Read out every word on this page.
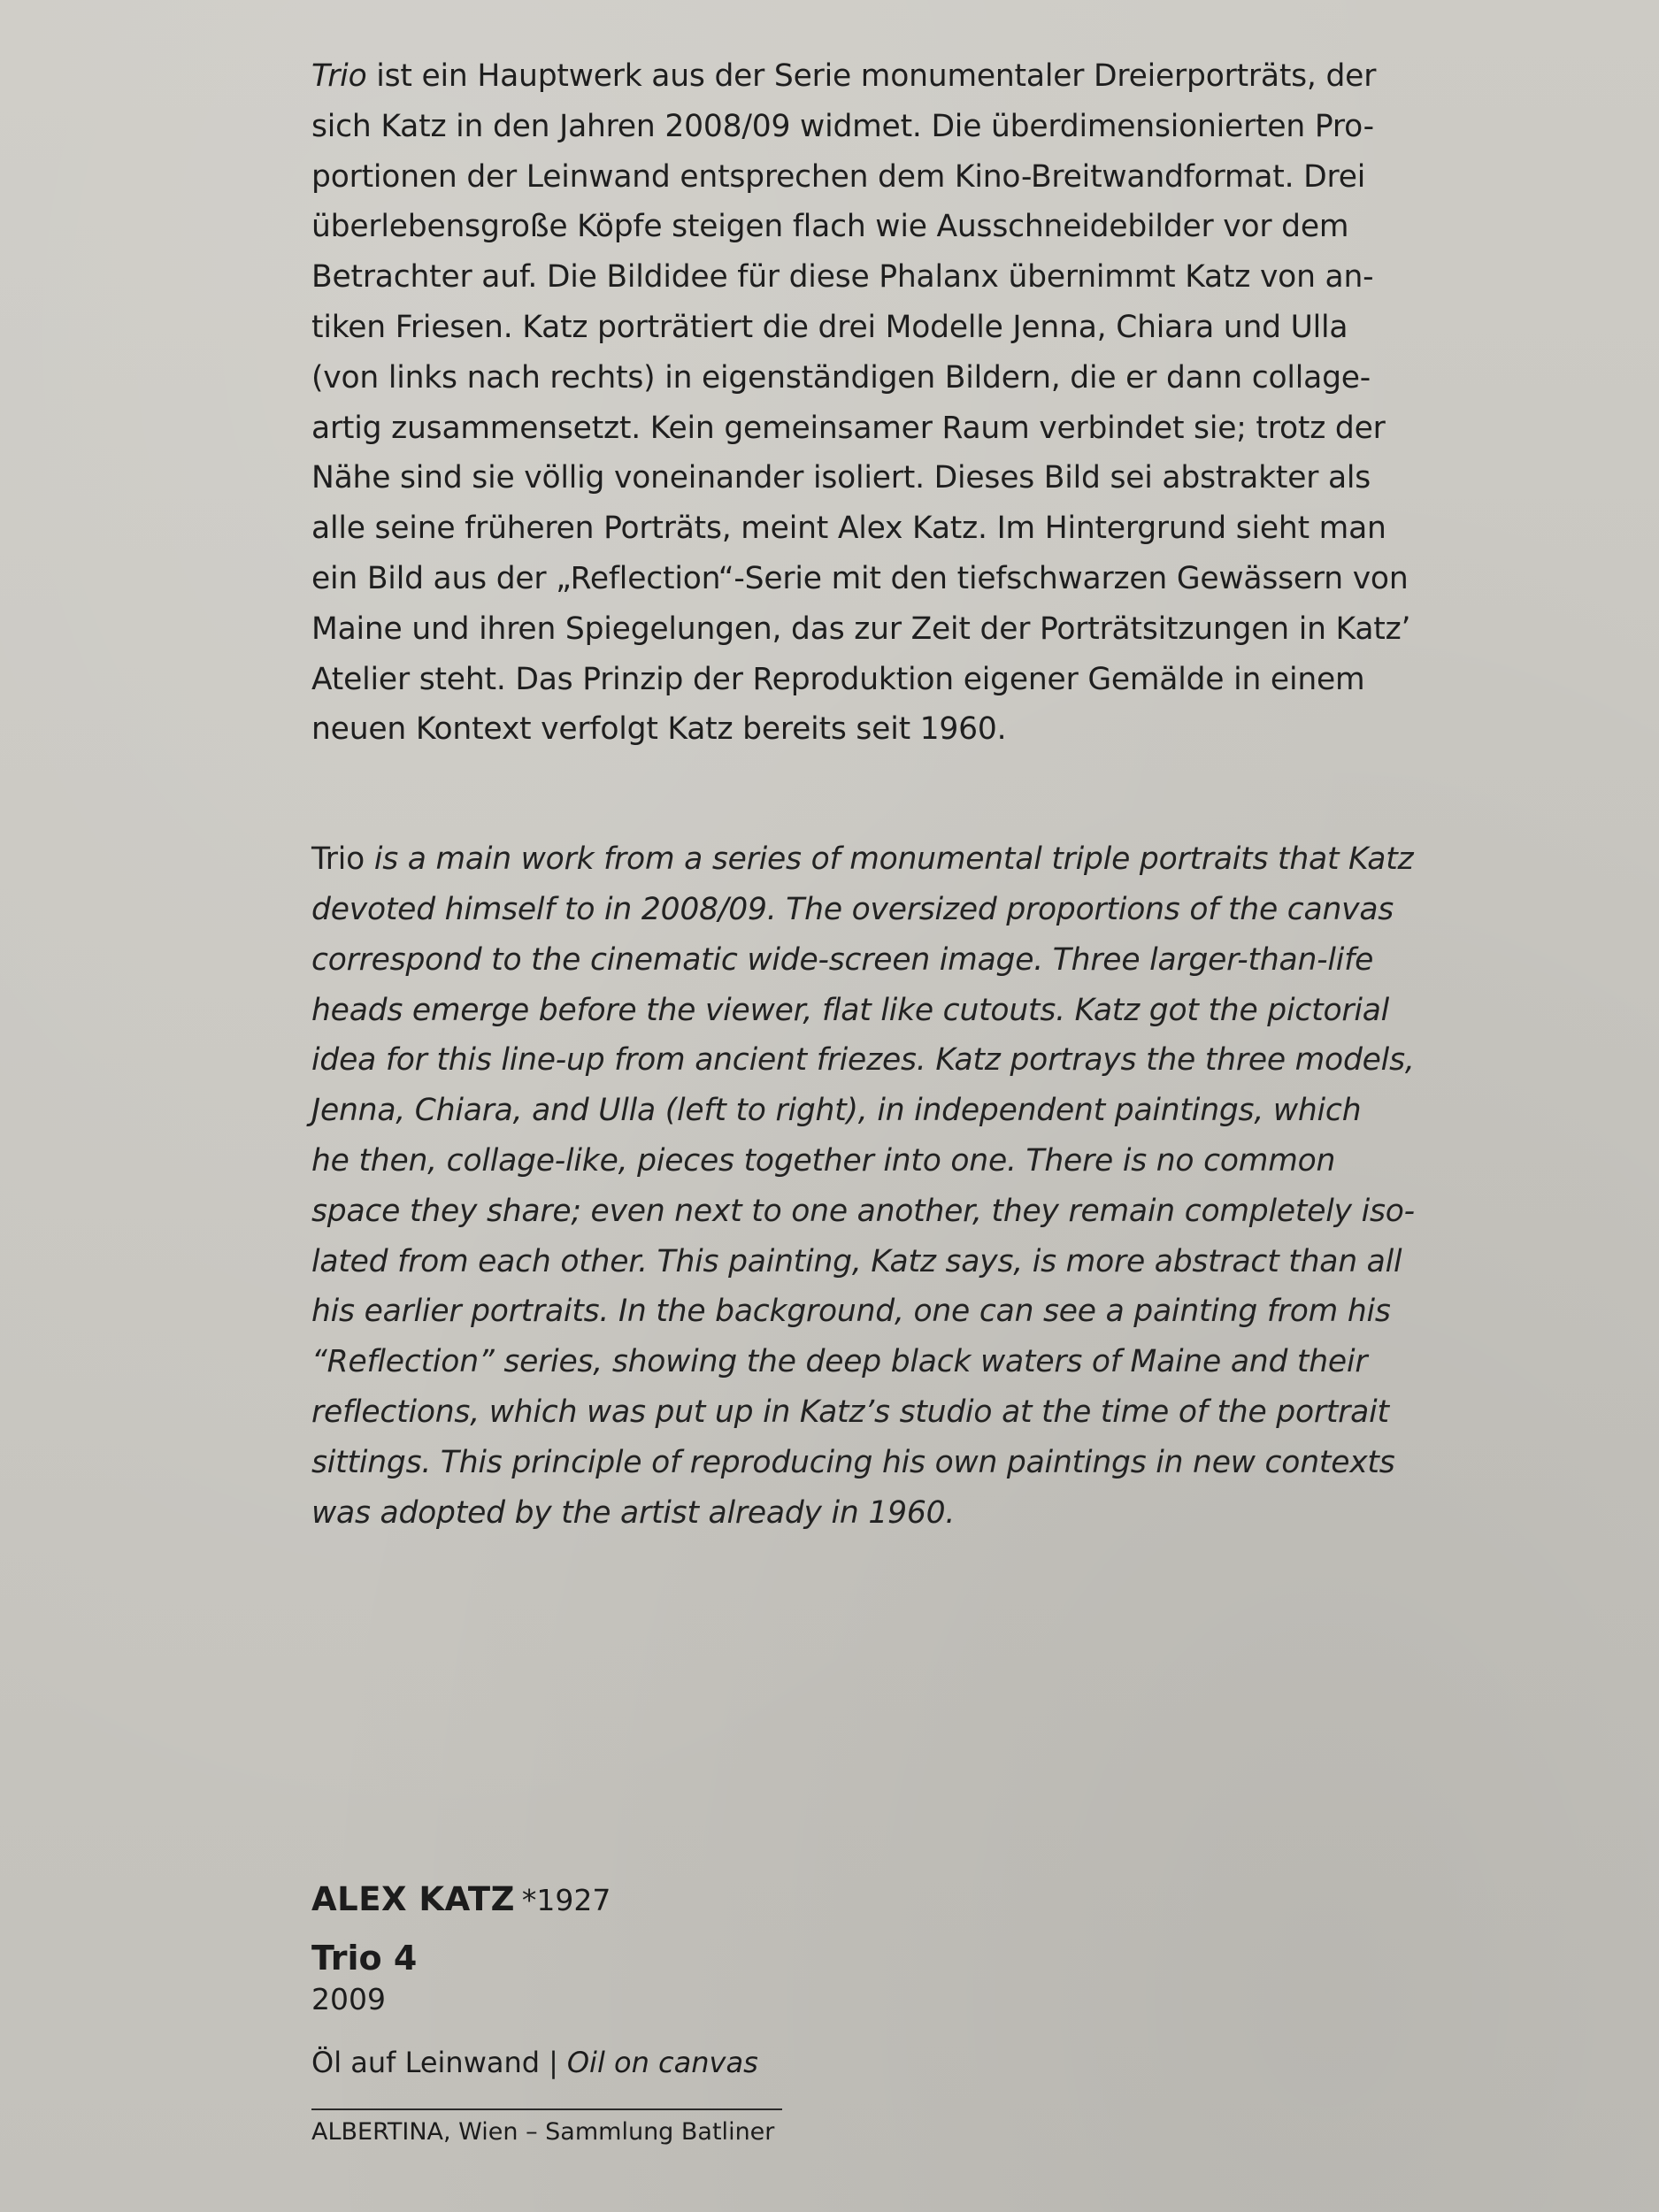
Trio ist ein Hauptwerk aus der Serie monumentaler Dreierporträts, der
sich Katz in den Jahren 2008/09 widmet. Die überdimensionierten Pro-
portionen der Leinwand entsprechen dem Kino-Breitwandformat. Drei
überlebensgroße Köpfe steigen flach wie Ausschneidebilder vor dem
Betrachter auf. Die Bildidee für diese Phalanx übernimmt Katz von an-
tiken Friesen. Katz porträtiert die drei Modelle Jenna, Chiara und Ulla
(von links nach rechts) in eigenständigen Bildern, die er dann collage-
artig zusammensetzt. Kein gemeinsamer Raum verbindet sie; trotz der
Nähe sind sie völlig voneinander isoliert. Dieses Bild sei abstrakter als
alle seine früheren Porträts, meint Alex Katz. Im Hintergrund sieht man
ein Bild aus der „Reflection“-Serie mit den tiefschwarzen Gewässern von
Maine und ihren Spiegelungen, das zur Zeit der Porträtsitzungen in Katz’
Atelier steht. Das Prinzip der Reproduktion eigener Gemälde in einem
neuen Kontext verfolgt Katz bereits seit 1960.

Trio is a main work from a series of monumental triple portraits that Katz
devoted himself to in 2008/09. The oversized proportions of the canvas
correspond to the cinematic wide-screen image. Three larger-than-life
heads emerge before the viewer, flat like cutouts. Katz got the pictorial
idea for this line-up from ancient friezes. Katz portrays the three models,
Jenna, Chiara, and Ulla (left to right), in independent paintings, which
he then, collage-like, pieces together into one. There is no common
space they share; even next to one another, they remain completely iso-
lated from each other. This painting, Katz says, is more abstract than all
his earlier portraits. In the background, one can see a painting from his
“Reflection” series, showing the deep black waters of Maine and their
reflections, which was put up in Katz’s studio at the time of the portrait
sittings. This principle of reproducing his own paintings in new contexts
was adopted by the artist already in 1960.

ALEX KATZ *1927

Trio 4

2009

Öl auf Leinwand | Oil on canvas

ALBERTINA, Wien – Sammlung Batliner
